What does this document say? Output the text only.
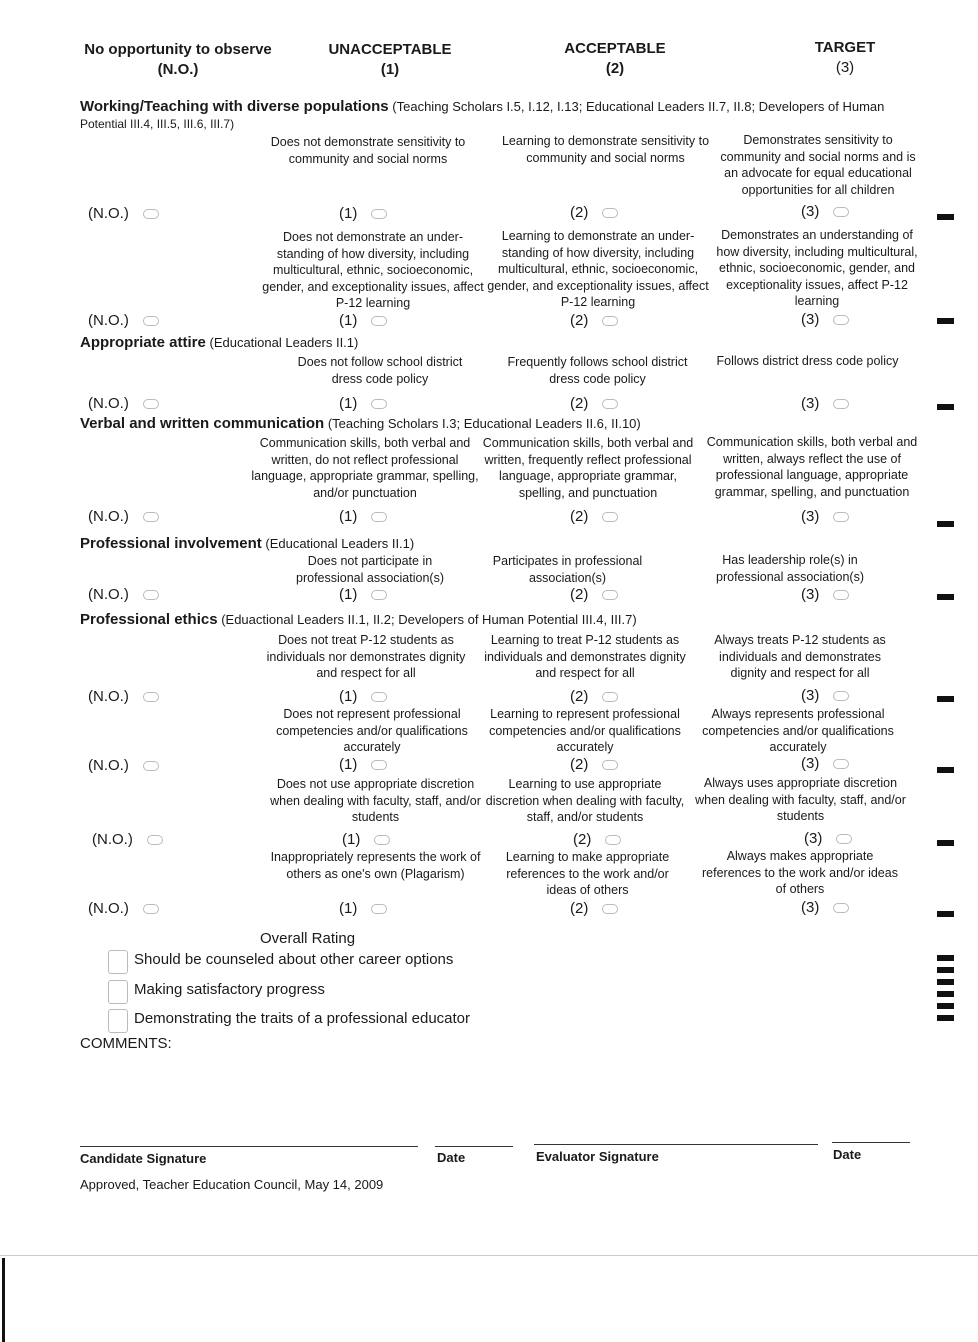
No opportunity to observe
(N.O.)
UNACCEPTABLE
(1)
ACCEPTABLE
(2)
TARGET
(3)
Working/Teaching with diverse populations (Teaching Scholars I.5, I.12, I.13; Educational Leaders II.7, II.8; Developers of Human
Potential III.4, III.5, III.6, III.7)
Does not demonstrate sensitivity to community and social norms
Learning to demonstrate sensitivity to community and social norms
Demonstrates sensitivity to community and social norms and is an advocate for equal educational opportunities for all children
(N.O.)	(1)	(2)	(3)
Does not demonstrate an under-standing of how diversity, including multicultural, ethnic, socioeconomic, gender, and exceptionality issues, affect P-12 learning
Learning to demonstrate an under-standing of how diversity, including multicultural, ethnic, socioeconomic, gender, and exceptionality issues, affect P-12 learning
Demonstrates an understanding of how diversity, including multicultural, ethnic, socioeconomic, gender, and exceptionality issues, affect P-12 learning
(N.O.)	(1)	(2)	(3)
Appropriate attire (Educational Leaders II.1)
Does not follow school district dress code policy
Frequently follows school district dress code policy
Follows district dress code policy
(N.O.)	(1)	(2)	(3)
Verbal and written communication (Teaching Scholars I.3; Educational Leaders II.6, II.10)
Communication skills, both verbal and written, do not reflect professional language, appropriate grammar, spelling, and/or punctuation
Communication skills, both verbal and written, frequently reflect professional language, appropriate grammar, spelling, and punctuation
Communication skills, both verbal and written, always reflect the use of professional language, appropriate grammar, spelling, and punctuation
(N.O.)	(1)	(2)	(3)
Professional involvement (Educational Leaders II.1)
Does not participate in professional association(s)
Participates in professional association(s)
Has leadership role(s) in professional association(s)
(N.O.)	(1)	(2)	(3)
Professional ethics (Eduactional Leaders II.1, II.2; Developers of Human Potential III.4, III.7)
Does not treat P-12 students as individuals nor demonstrates dignity and respect for all
Learning to treat P-12 students as individuals and demonstrates dignity and respect for all
Always treats P-12 students as individuals and demonstrates dignity and respect for all
(N.O.)	(1)	(2)	(3)
Does not represent professional competencies and/or qualifications accurately
Learning to represent professional competencies and/or qualifications accurately
Always represents professional competencies and/or qualifications accurately
(N.O.)	(1)	(2)	(3)
Does not use appropriate discretion when dealing with faculty, staff, and/or students
Learning to use appropriate discretion when dealing with faculty, staff, and/or students
Always uses appropriate discretion when dealing with faculty, staff, and/or students
(N.O.)	(1)	(2)	(3)
Inappropriately represents the work of others as one's own (Plagarism)
Learning to make appropriate references to the work and/or ideas of others
Always makes appropriate references to the work and/or ideas of others
(N.O.)	(1)	(2)	(3)
Overall Rating
Should be counseled about other career options
Making satisfactory progress
Demonstrating the traits of a professional educator
COMMENTS:
Candidate Signature	Date	Evaluator Signature	Date
Approved, Teacher Education Council, May 14, 2009
